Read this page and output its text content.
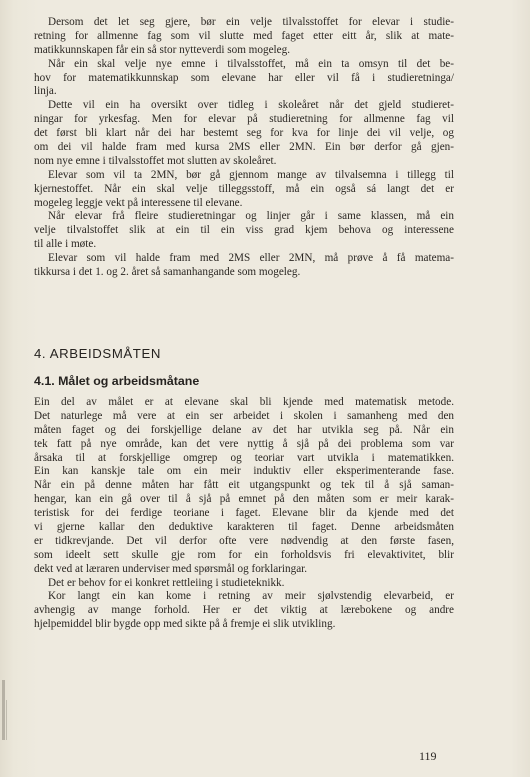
Dersom det let seg gjere, bør ein velje tilvalsstoffet for elevar i studie-
retning for allmenne fag som vil slutte med faget etter eitt år, slik at mate-
matikkunnskapen får ein så stor nytteverdi som mogeleg.
Når ein skal velje nye emne i tilvalsstoffet, må ein ta omsyn til det be-
hov for matematikkunnskap som elevane har eller vil få i studieretninga/
linja.
Dette vil ein ha oversikt over tidleg i skoleåret når det gjeld studieret-
ningar for yrkesfag. Men for elevar på studieretning for allmenne fag vil
det først bli klart når dei har bestemt seg for kva for linje dei vil velje, og
om dei vil halde fram med kursa 2MS eller 2MN. Ein bør derfor gå gjen-
nom nye emne i tilvalsstoffet mot slutten av skoleåret.
Elevar som vil ta 2MN, bør gå gjennom mange av tilvalsemna i tillegg til
kjernestoffet. Når ein skal velje tilleggsstoff, må ein også sá langt det er
mogeleg leggje vekt på interessene til elevane.
Når elevar frå fleire studieretningar og linjer går i same klassen, må ein
velje tilvalstoffet slik at ein til ein viss grad kjem behova og interessene
til alle i møte.
Elevar som vil halde fram med 2MS eller 2MN, må prøve å få matema-
tikkursa i det 1. og 2. året så samanhangande som mogeleg.
4. ARBEIDSMÅTEN
4.1. Målet og arbeidsmåtane
Ein del av målet er at elevane skal bli kjende med matematisk metode.
Det naturlege må vere at ein ser arbeidet i skolen i samanheng med den
måten faget og dei forskjellige delane av det har utvikla seg på. Når ein
tek fatt på nye område, kan det vere nyttig å sjå på dei problema som var
årsaka til at forskjellige omgrep og teoriar vart utvikla i matematikken.
Ein kan kanskje tale om ein meir induktiv eller eksperimenterande fase.
Når ein på denne måten har fått eit utgangspunkt og tek til å sjå saman-
hengar, kan ein gå over til å sjå på emnet på den måten som er meir karak-
teristisk for dei ferdige teoriane i faget. Elevane blir da kjende med det
vi gjerne kallar den deduktive karakteren til faget. Denne arbeidsmåten
er tidkrevjande. Det vil derfor ofte vere nødvendig at den første fasen,
som ideelt sett skulle gje rom for ein forholdsvis fri elevaktivitet, blir
dekt ved at læraren underviser med spørsmål og forklaringar.
Det er behov for ei konkret rettleiing i studieteknikk.
Kor langt ein kan kome i retning av meir sjølvstendig elevarbeid, er
avhengig av mange forhold. Her er det viktig at lærebokene og andre
hjelpemiddel blir bygde opp med sikte på å fremje ei slik utvikling.
119
